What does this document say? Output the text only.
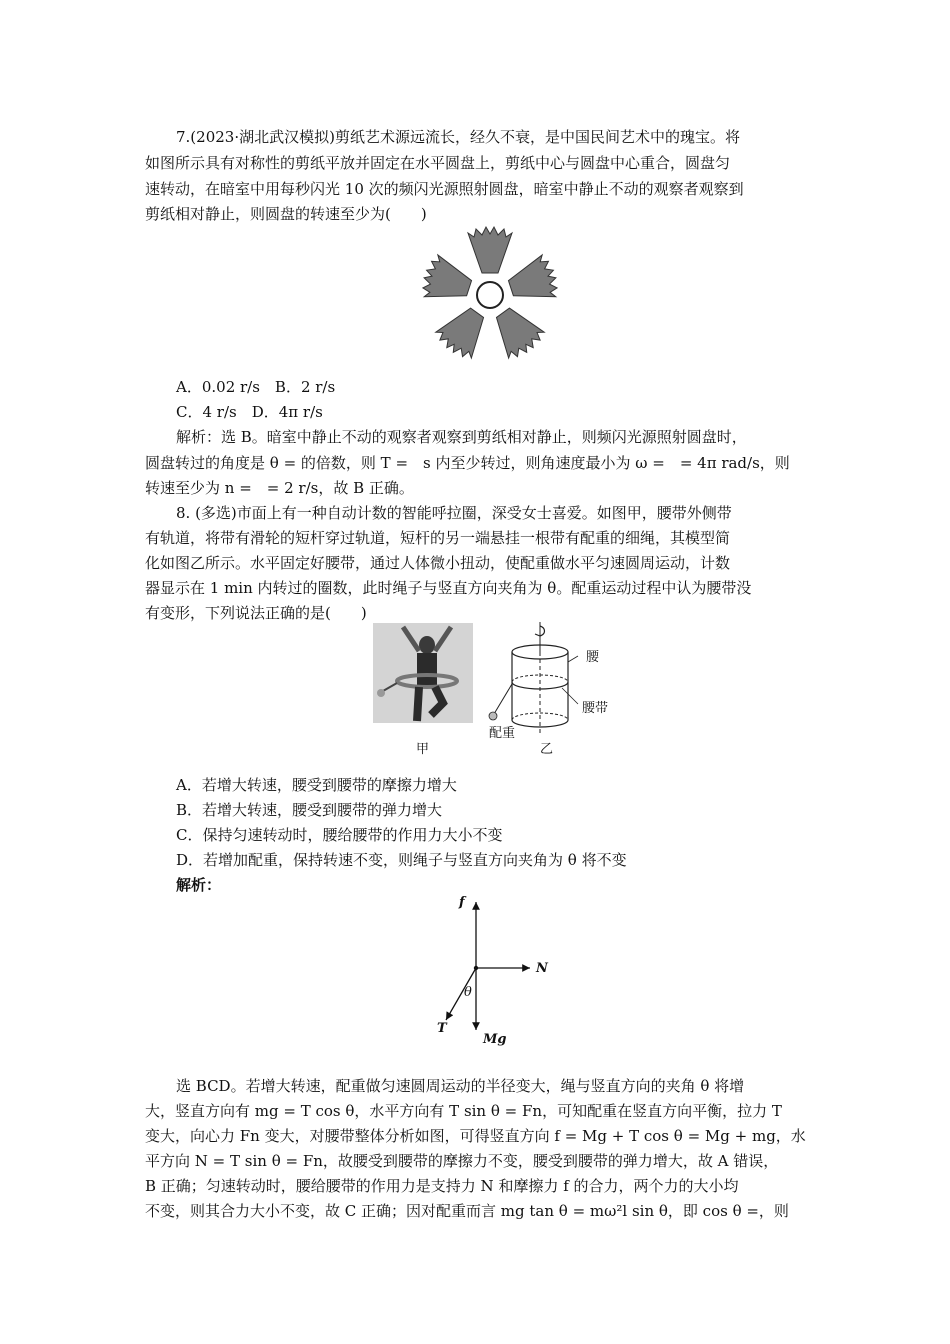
7.(2023·湖北武汉模拟)剪纸艺术源远流长，经久不衰，是中国民间艺术中的瑰宝。将
如图所示具有对称性的剪纸平放并固定在水平圆盘上，剪纸中心与圆盘中心重合，圆盘匀
速转动，在暗室中用每秒闪光 10 次的频闪光源照射圆盘，暗室中静止不动的观察者观察到
剪纸相对静止，则圆盘的转速至少为(　　)
A．0.02 r/s　B．2 r/s
C．4 r/s　D．4π r/s
解析：选 B。暗室中静止不动的观察者观察到剪纸相对静止，则频闪光源照射圆盘时，
圆盘转过的角度是 θ = 的倍数，则 T =　s 内至少转过，则角速度最小为 ω =　= 4π rad/s，则
转速至少为 n =　= 2 r/s，故 B 正确。
8. (多选)市面上有一种自动计数的智能呼拉圈，深受女士喜爱。如图甲，腰带外侧带
有轨道，将带有滑轮的短杆穿过轨道，短杆的另一端悬挂一根带有配重的细绳，其模型简
化如图乙所示。水平固定好腰带，通过人体微小扭动，使配重做水平匀速圆周运动，计数
器显示在 1 min 内转过的圈数，此时绳子与竖直方向夹角为 θ。配重运动过程中认为腰带没
有变形，下列说法正确的是(　　)
甲
腰
腰带
配重
乙
A．若增大转速，腰受到腰带的摩擦力增大
B．若增大转速，腰受到腰带的弹力增大
C．保持匀速转动时，腰给腰带的作用力大小不变
D．若增加配重，保持转速不变，则绳子与竖直方向夹角为 θ 将不变
解析：
f
N
θ
T
Mg
选 BCD。若增大转速，配重做匀速圆周运动的半径变大，绳与竖直方向的夹角 θ 将增
大，竖直方向有 mg = T cos θ，水平方向有 T sin θ = Fn，可知配重在竖直方向平衡，拉力 T
变大，向心力 Fn 变大，对腰带整体分析如图，可得竖直方向 f = Mg + T cos θ = Mg + mg，水
平方向 N = T sin θ = Fn，故腰受到腰带的摩擦力不变，腰受到腰带的弹力增大，故 A 错误，
B 正确；匀速转动时，腰给腰带的作用力是支持力 N 和摩擦力 f 的合力，两个力的大小均
不变，则其合力大小不变，故 C 正确；因对配重而言 mg tan θ = mω²l sin θ，即 cos θ =，则
